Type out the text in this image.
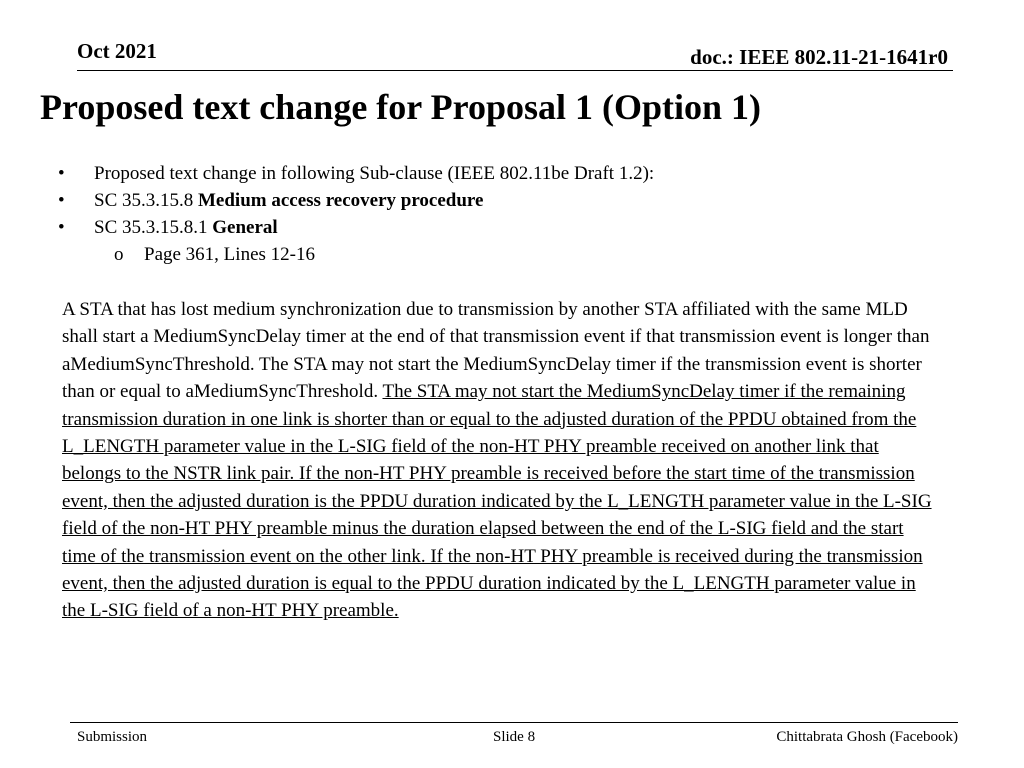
Oct 2021	doc.: IEEE 802.11-21-1641r0
Proposed text change for Proposal 1 (Option 1)
•	Proposed text change in following Sub-clause (IEEE 802.11be Draft 1.2):
•	SC 35.3.15.8 Medium access recovery procedure
•	SC 35.3.15.8.1 General
o	Page 361, Lines 12-16
A STA that has lost medium synchronization due to transmission by another STA affiliated with the same MLD shall start a MediumSyncDelay timer at the end of that transmission event if that transmission event is longer than aMediumSyncThreshold. The STA may not start the MediumSyncDelay timer if the transmission event is shorter than or equal to aMediumSyncThreshold. The STA may not start the MediumSyncDelay timer if the remaining transmission duration in one link is shorter than or equal to the adjusted duration of the PPDU obtained from the L_LENGTH parameter value in the L-SIG field of the non-HT PHY preamble received on another link that belongs to the NSTR link pair. If the non-HT PHY preamble is received before the start time of the transmission event, then the adjusted duration is the PPDU duration indicated by the L_LENGTH parameter value in the L-SIG field of the non-HT PHY preamble minus the duration elapsed between the end of the L-SIG field and the start time of the transmission event on the other link. If the non-HT PHY preamble is received during the transmission event, then the adjusted duration is equal to the PPDU duration indicated by the L_LENGTH parameter value in the L-SIG field of a non-HT PHY preamble.
Submission	Slide 8	Chittabrata Ghosh (Facebook)
